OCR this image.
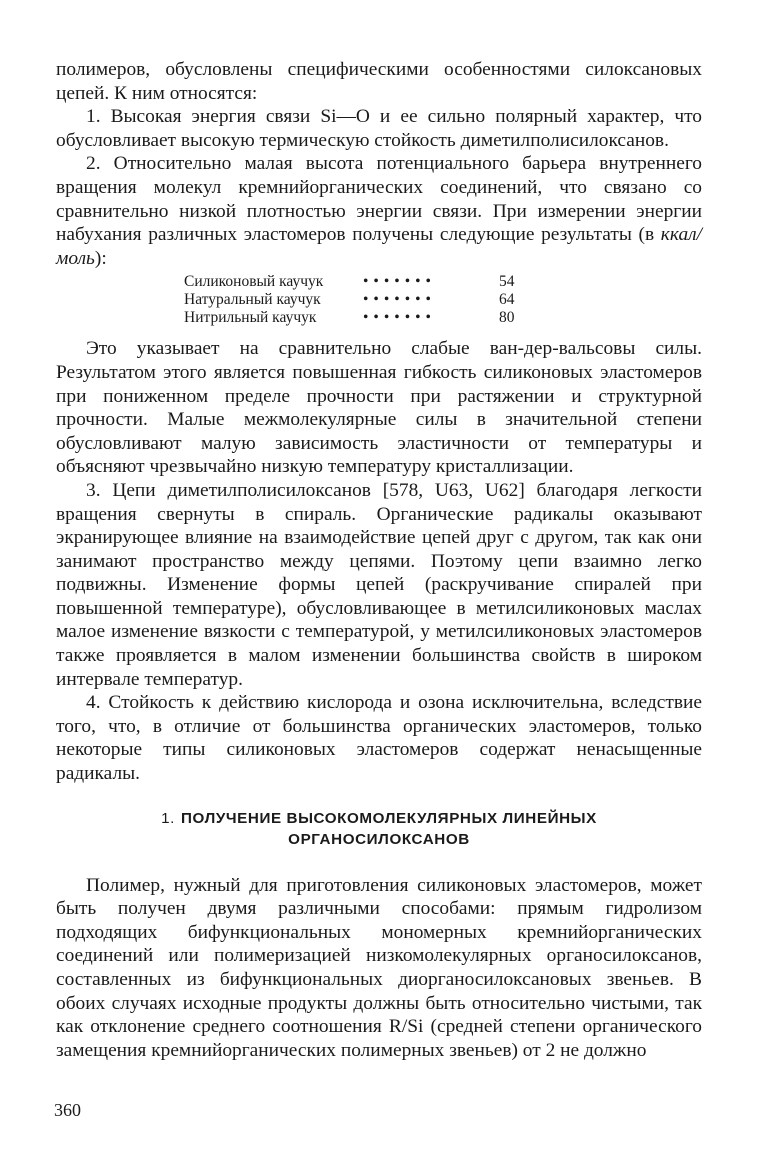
полимеров, обусловлены специфическими особенностями силоксановых цепей. К ним относятся:

1. Высокая энергия связи Si—O и ее сильно полярный характер, что обусловливает высокую термическую стойкость диметилполисилоксанов.

2. Относительно малая высота потенциального барьера внутреннего вращения молекул кремнийорганических соединений, что связано со сравнительно низкой плотностью энергии связи. При измерении энергии набухания различных эластомеров получены следующие результаты (в ккал/моль):

Силиконовый каучук	•••••••	54
Натуральный каучук	•••••••	64
Нитрильный каучук	•••••••	80

Это указывает на сравнительно слабые ван-дер-вальсовы силы. Результатом этого является повышенная гибкость силиконовых эластомеров при пониженном пределе прочности при растяжении и структурной прочности. Малые межмолекулярные силы в значительной степени обусловливают малую зависимость эластичности от температуры и объясняют чрезвычайно низкую температуру кристаллизации.

3. Цепи диметилполисилоксанов [578, U63, U62] благодаря легкости вращения свернуты в спираль. Органические радикалы оказывают экранирующее влияние на взаимодействие цепей друг с другом, так как они занимают пространство между цепями. Поэтому цепи взаимно легко подвижны. Изменение формы цепей (раскручивание спиралей при повышенной температуре), обусловливающее в метилсиликоновых маслах малое изменение вязкости с температурой, у метилсиликоновых эластомеров также проявляется в малом изменении большинства свойств в широком интервале температур.

4. Стойкость к действию кислорода и озона исключительна, вследствие того, что, в отличие от большинства органических эластомеров, только некоторые типы силиконовых эластомеров содержат ненасыщенные радикалы.

1. ПОЛУЧЕНИЕ ВЫСОКОМОЛЕКУЛЯРНЫХ ЛИНЕЙНЫХ
ОРГАНОСИЛОКСАНОВ

Полимер, нужный для приготовления силиконовых эластомеров, может быть получен двумя различными способами: прямым гидролизом подходящих бифункциональных мономерных кремнийорганических соединений или полимеризацией низкомолекулярных органосилоксанов, составленных из бифункциональных диорганосилоксановых звеньев. В обоих случаях исходные продукты должны быть относительно чистыми, так как отклонение среднего соотношения R/Si (средней степени органического замещения кремнийорганических полимерных звеньев) от 2 не должно

360
